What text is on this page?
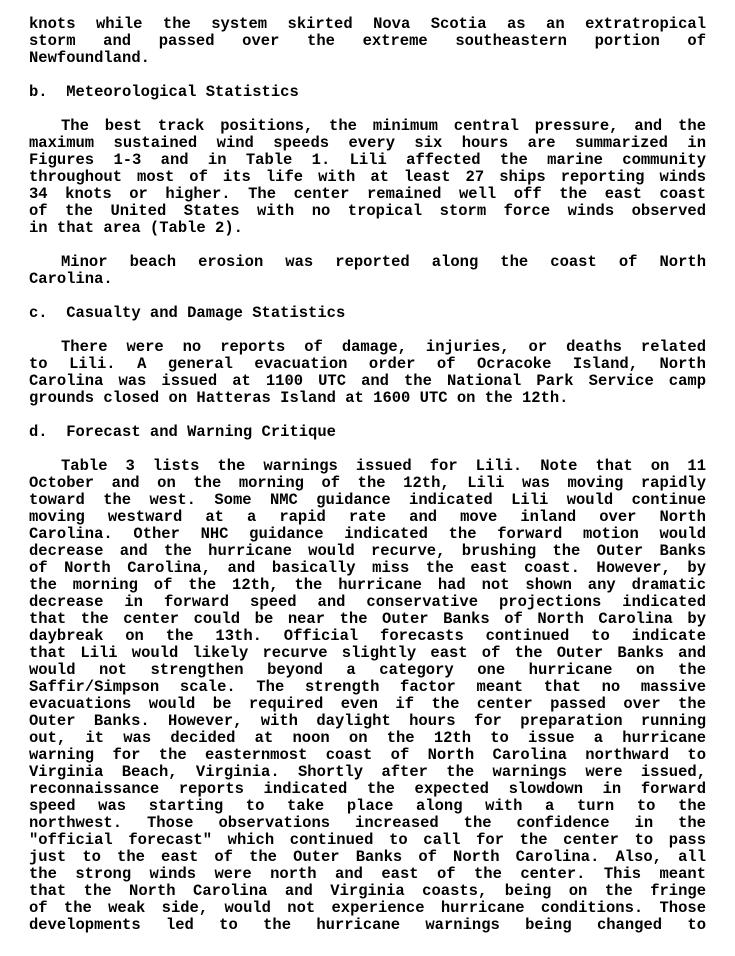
knots while the system skirted Nova Scotia as an extratropical
storm and passed over the extreme southeastern portion of
Newfoundland.

b.  Meteorological Statistics

The best track positions, the minimum central pressure, and the
maximum sustained wind speeds every six hours are summarized in
Figures 1-3 and in Table 1. Lili affected the marine community
throughout most of its life with at least 27 ships reporting winds
34 knots or higher. The center remained well off the east coast
of the United States with no tropical storm force winds observed
in that area (Table 2).

Minor beach erosion was reported along the coast of North
Carolina.

c.  Casualty and Damage Statistics

There were no reports of damage, injuries, or deaths related
to Lili. A general evacuation order of Ocracoke Island, North
Carolina was issued at 1100 UTC and the National Park Service camp
grounds closed on Hatteras Island at 1600 UTC on the 12th.

d.  Forecast and Warning Critique

Table 3 lists the warnings issued for Lili. Note that on 11
October and on the morning of the 12th, Lili was moving rapidly
toward the west. Some NMC guidance indicated Lili would continue
moving westward at a rapid rate and move inland over North
Carolina. Other NHC guidance indicated the forward motion would
decrease and the hurricane would recurve, brushing the Outer Banks
of North Carolina, and basically miss the east coast. However, by
the morning of the 12th, the hurricane had not shown any dramatic
decrease in forward speed and conservative projections indicated
that the center could be near the Outer Banks of North Carolina by
daybreak on the 13th. Official forecasts continued to indicate
that Lili would likely recurve slightly east of the Outer Banks and
would not strengthen beyond a category one hurricane on the
Saffir/Simpson scale. The strength factor meant that no massive
evacuations would be required even if the center passed over the
Outer Banks. However, with daylight hours for preparation running
out, it was decided at noon on the 12th to issue a hurricane
warning for the easternmost coast of North Carolina northward to
Virginia Beach, Virginia. Shortly after the warnings were issued,
reconnaissance reports indicated the expected slowdown in forward
speed was starting to take place along with a turn to the
northwest. Those observations increased the confidence in the
"official forecast" which continued to call for the center to pass
just to the east of the Outer Banks of North Carolina. Also, all
the strong winds were north and east of the center. This meant
that the North Carolina and Virginia coasts, being on the fringe
of the weak side, would not experience hurricane conditions. Those
developments led to the hurricane warnings being changed to
